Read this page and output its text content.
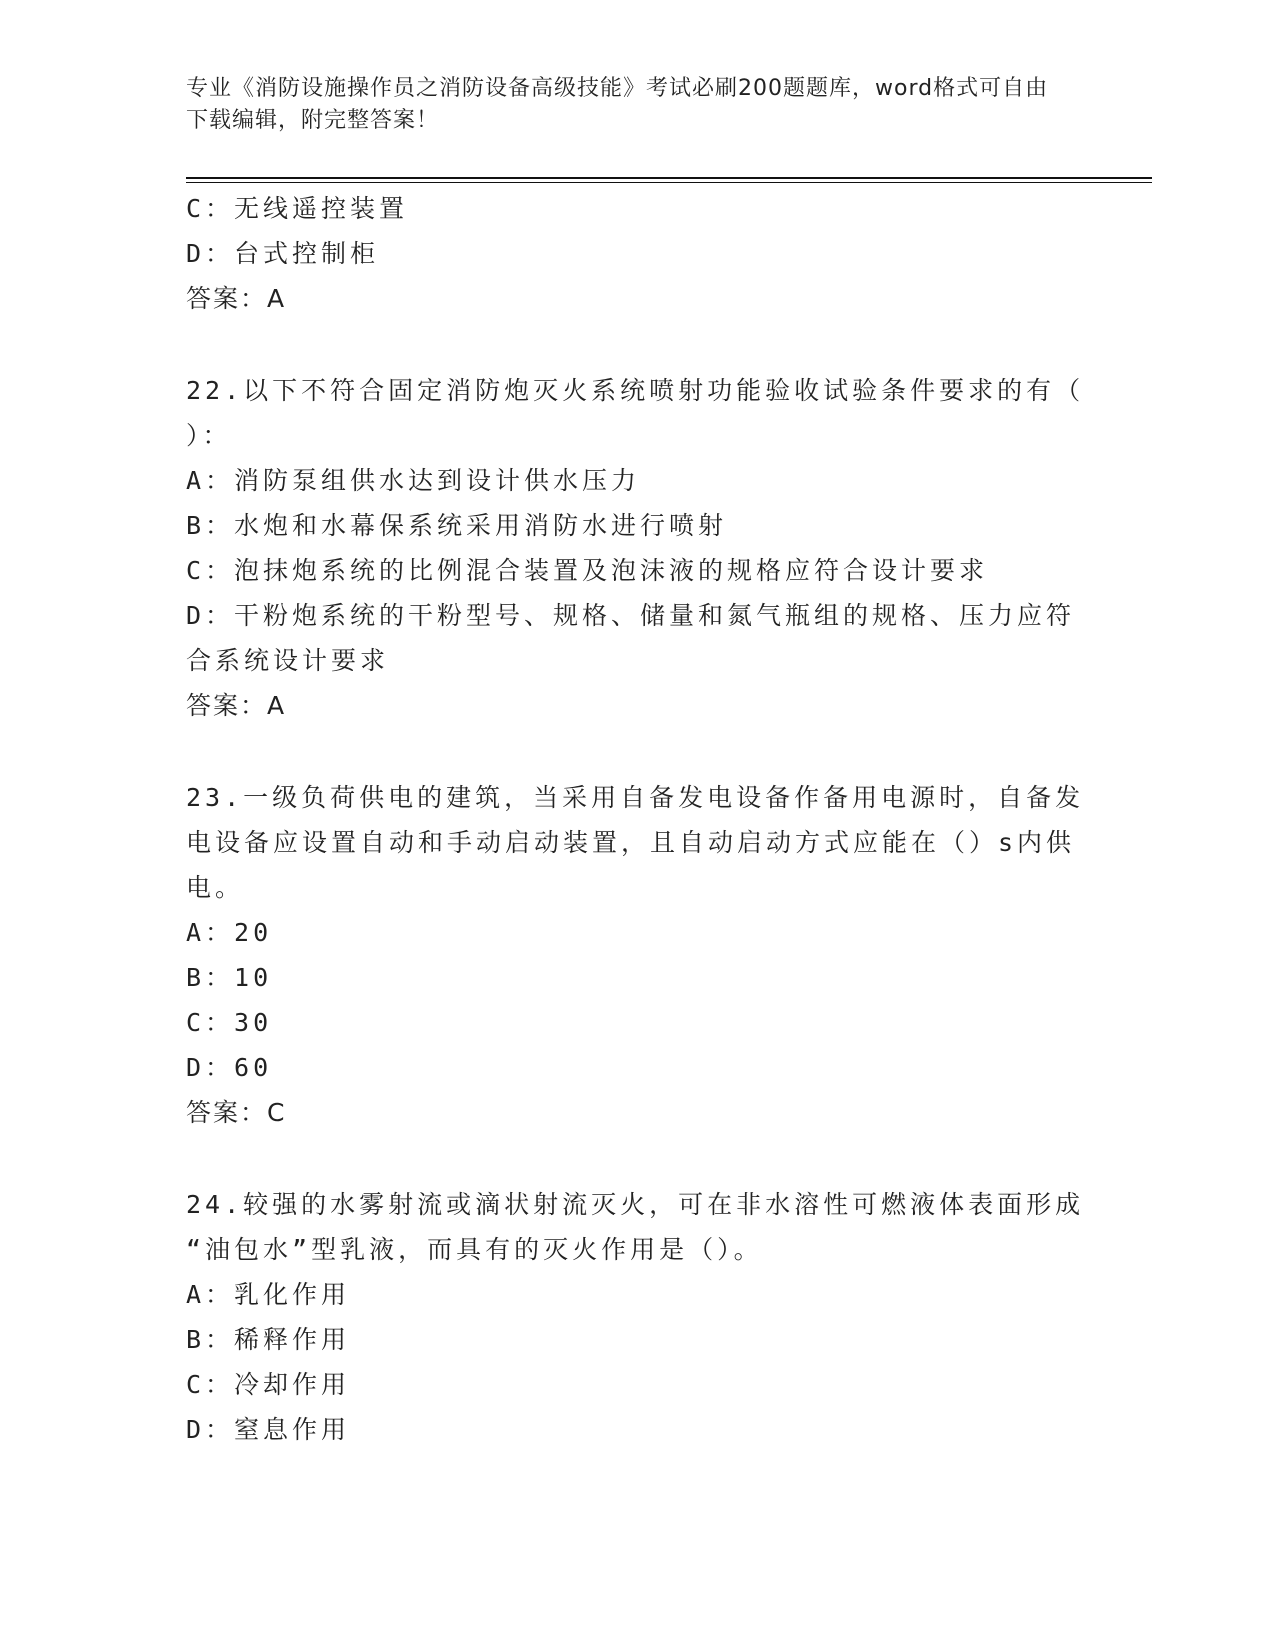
专业《消防设施操作员之消防设备高级技能》考试必刷200题题库，word格式可自由下载编辑，附完整答案！
C：无线遥控装置
D：台式控制柜
答案：A
22.以下不符合固定消防炮灭火系统喷射功能验收试验条件要求的有（
）：
A：消防泵组供水达到设计供水压力
B：水炮和水幕保系统采用消防水进行喷射
C：泡抹炮系统的比例混合装置及泡沫液的规格应符合设计要求
D：干粉炮系统的干粉型号、规格、储量和氮气瓶组的规格、压力应符
合系统设计要求
答案：A
23.一级负荷供电的建筑，当采用自备发电设备作备用电源时，自备发
电设备应设置自动和手动启动装置，且自动启动方式应能在（）s内供
电。
A：20
B：10
C：30
D：60
答案：C
24.较强的水雾射流或滴状射流灭火，可在非水溶性可燃液体表面形成
“油包水”型乳液，而具有的灭火作用是（）。
A：乳化作用
B：稀释作用
C：冷却作用
D：窒息作用
